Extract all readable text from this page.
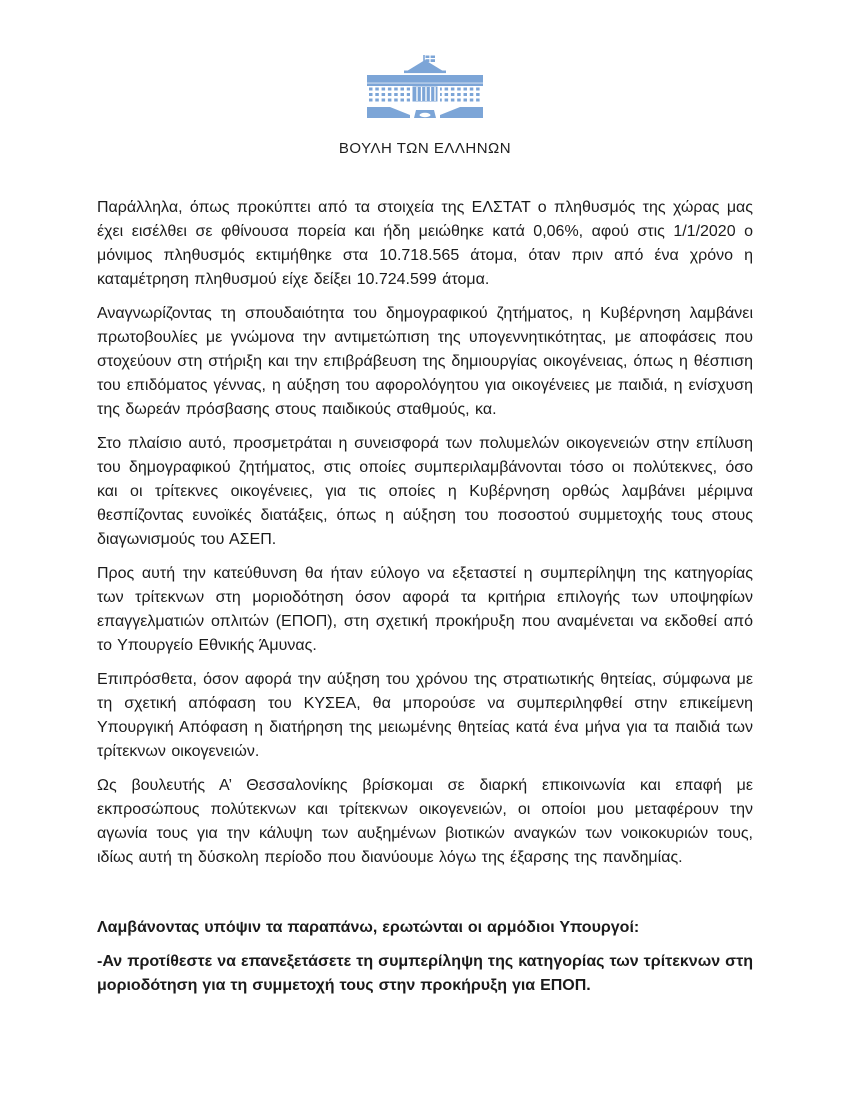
ΒΟΥΛΗ ΤΩΝ ΕΛΛΗΝΩΝ

Παράλληλα, όπως προκύπτει από τα στοιχεία της ΕΛΣΤΑΤ ο πληθυσμός της χώρας μας έχει εισέλθει σε φθίνουσα πορεία και ήδη μειώθηκε κατά 0,06%, αφού στις 1/1/2020 ο μόνιμος πληθυσμός εκτιμήθηκε στα 10.718.565 άτομα, όταν πριν από ένα χρόνο η καταμέτρηση πληθυσμού είχε δείξει 10.724.599 άτομα.

Αναγνωρίζοντας τη σπουδαιότητα του δημογραφικού ζητήματος, η Κυβέρνηση λαμβάνει πρωτοβουλίες με γνώμονα την αντιμετώπιση της υπογεννητικότητας, με αποφάσεις που στοχεύουν στη στήριξη και την επιβράβευση της δημιουργίας οικογένειας, όπως η θέσπιση του επιδόματος γέννας, η αύξηση του αφορολόγητου για οικογένειες με παιδιά, η ενίσχυση της δωρεάν πρόσβασης στους παιδικούς σταθμούς, κα.

Στο πλαίσιο αυτό, προσμετράται η συνεισφορά των πολυμελών οικογενειών στην επίλυση του δημογραφικού ζητήματος, στις οποίες συμπεριλαμβάνονται τόσο οι πολύτεκνες, όσο και οι τρίτεκνες οικογένειες, για τις οποίες η Κυβέρνηση ορθώς λαμβάνει μέριμνα θεσπίζοντας ευνοϊκές διατάξεις, όπως η αύξηση του ποσοστού συμμετοχής τους στους διαγωνισμούς του ΑΣΕΠ.

Προς αυτή την κατεύθυνση θα ήταν εύλογο να εξεταστεί η συμπερίληψη της κατηγορίας των τρίτεκνων στη μοριοδότηση όσον αφορά τα κριτήρια επιλογής των υποψηφίων επαγγελματιών οπλιτών (ΕΠΟΠ), στη σχετική προκήρυξη που αναμένεται να εκδοθεί από το Υπουργείο Εθνικής Άμυνας.

Επιπρόσθετα, όσον αφορά την αύξηση του χρόνου της στρατιωτικής θητείας, σύμφωνα με τη σχετική απόφαση του ΚΥΣΕΑ, θα μπορούσε να συμπεριληφθεί στην επικείμενη Υπουργική Απόφαση η διατήρηση της μειωμένης θητείας κατά ένα μήνα για τα παιδιά των τρίτεκνων οικογενειών.

Ως βουλευτής Α’ Θεσσαλονίκης βρίσκομαι σε διαρκή επικοινωνία και επαφή με εκπροσώπους πολύτεκνων και τρίτεκνων οικογενειών, οι οποίοι μου μεταφέρουν την αγωνία τους για την κάλυψη των αυξημένων βιοτικών αναγκών των νοικοκυριών τους, ιδίως αυτή τη δύσκολη περίοδο που διανύουμε λόγω της έξαρσης της πανδημίας.

Λαμβάνοντας υπόψιν τα παραπάνω, ερωτώνται οι αρμόδιοι Υπουργοί:

-Αν προτίθεστε να επανεξετάσετε τη συμπερίληψη της κατηγορίας των τρίτεκνων στη μοριοδότηση για τη συμμετοχή τους στην προκήρυξη για ΕΠΟΠ.
